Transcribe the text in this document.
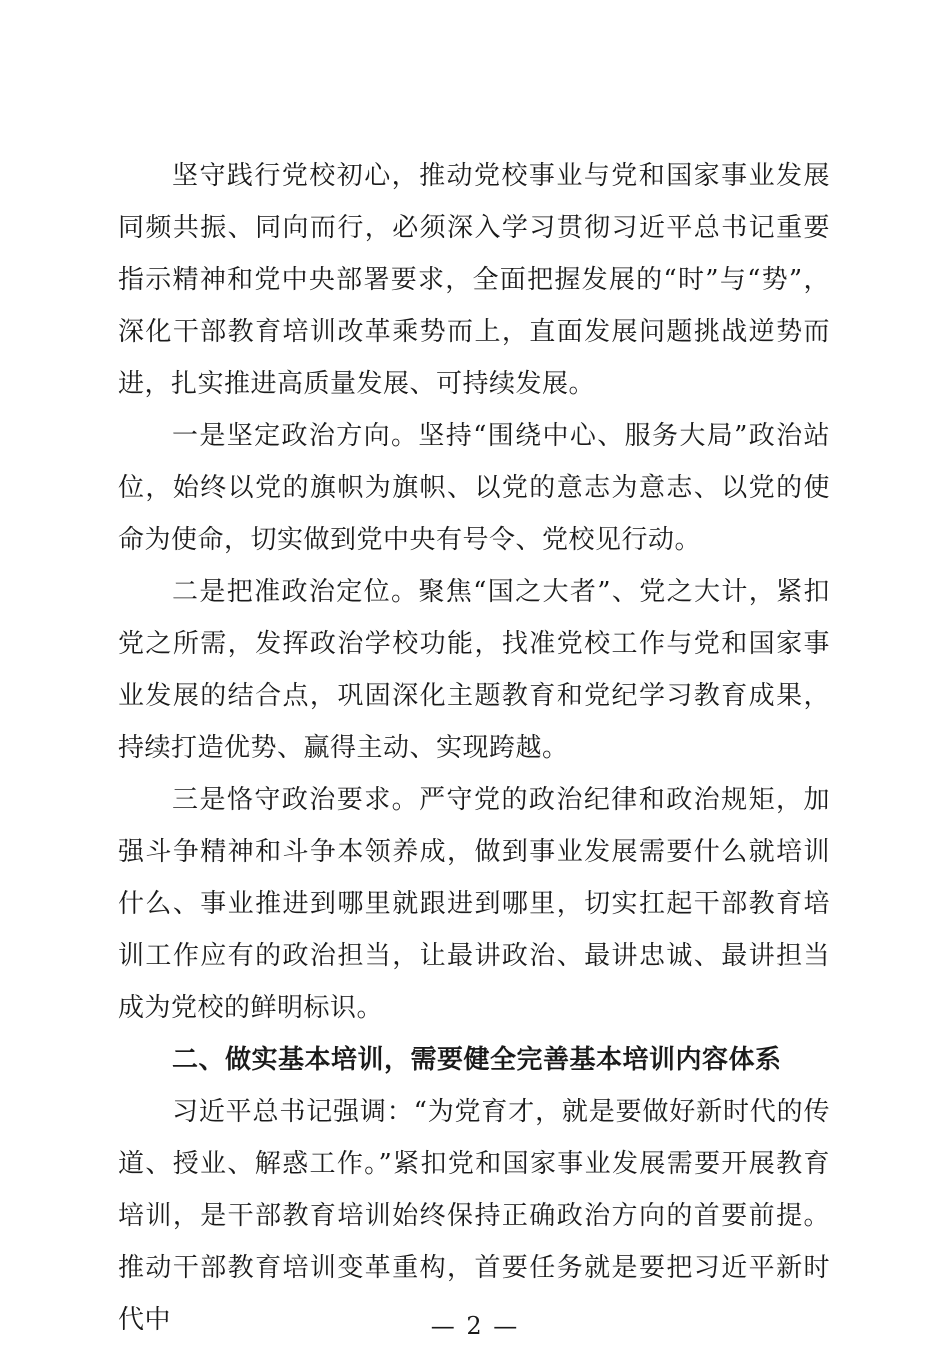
坚守践行党校初心，推动党校事业与党和国家事业发展同频共振、同向而行，必须深入学习贯彻习近平总书记重要指示精神和党中央部署要求，全面把握发展的“时”与“势”，深化干部教育培训改革乘势而上，直面发展问题挑战逆势而进，扎实推进高质量发展、可持续发展。

一是坚定政治方向。坚持“围绕中心、服务大局”政治站位，始终以党的旗帜为旗帜、以党的意志为意志、以党的使命为使命，切实做到党中央有号令、党校见行动。

二是把准政治定位。聚焦“国之大者”、党之大计，紧扣党之所需，发挥政治学校功能，找准党校工作与党和国家事业发展的结合点，巩固深化主题教育和党纪学习教育成果，持续打造优势、赢得主动、实现跨越。

三是恪守政治要求。严守党的政治纪律和政治规矩，加强斗争精神和斗争本领养成，做到事业发展需要什么就培训什么、事业推进到哪里就跟进到哪里，切实扛起干部教育培训工作应有的政治担当，让最讲政治、最讲忠诚、最讲担当成为党校的鲜明标识。

二、做实基本培训，需要健全完善基本培训内容体系

习近平总书记强调：“为党育才，就是要做好新时代的传道、授业、解惑工作。”紧扣党和国家事业发展需要开展教育培训，是干部教育培训始终保持正确政治方向的首要前提。推动干部教育培训变革重构，首要任务就是要把习近平新时代中	— 2 —
